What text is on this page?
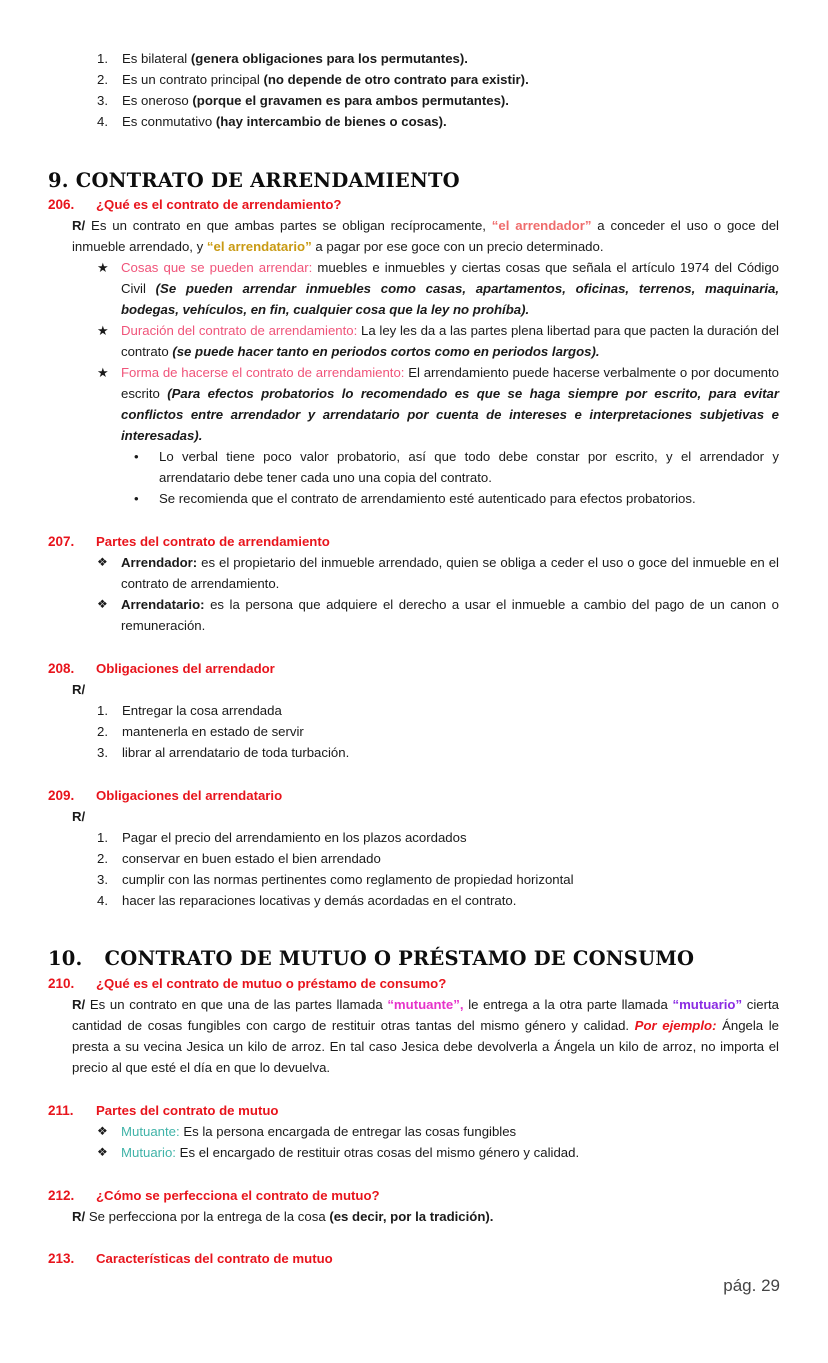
1.	Es bilateral (genera obligaciones para los permutantes).
2.	Es un contrato principal (no depende de otro contrato para existir).
3.	Es oneroso (porque el gravamen es para ambos permutantes).
4.	Es conmutativo (hay intercambio de bienes o cosas).
9. CONTRATO DE ARRENDAMIENTO
206. ¿Qué es el contrato de arrendamiento?
R/ Es un contrato en que ambas partes se obligan recíprocamente, “el arrendador” a conceder el uso o goce del inmueble arrendado, y “el arrendatario” a pagar por ese goce con un precio determinado.
★ Cosas que se pueden arrendar: muebles e inmuebles y ciertas cosas que señala el artículo 1974 del Código Civil (Se pueden arrendar inmuebles como casas, apartamentos, oficinas, terrenos, maquinaria, bodegas, vehículos, en fin, cualquier cosa que la ley no prohíba).
★ Duración del contrato de arrendamiento: La ley les da a las partes plena libertad para que pacten la duración del contrato (se puede hacer tanto en periodos cortos como en periodos largos).
★ Forma de hacerse el contrato de arrendamiento: El arrendamiento puede hacerse verbalmente o por documento escrito (Para efectos probatorios lo recomendado es que se haga siempre por escrito, para evitar conflictos entre arrendador y arrendatario por cuenta de intereses e interpretaciones subjetivas e interesadas).
• Lo verbal tiene poco valor probatorio, así que todo debe constar por escrito, y el arrendador y arrendatario debe tener cada uno una copia del contrato.
• Se recomienda que el contrato de arrendamiento esté autenticado para efectos probatorios.
207. Partes del contrato de arrendamiento
❖ Arrendador: es el propietario del inmueble arrendado, quien se obliga a ceder el uso o goce del inmueble en el contrato de arrendamiento.
❖ Arrendatario: es la persona que adquiere el derecho a usar el inmueble a cambio del pago de un canon o remuneración.
208. Obligaciones del arrendador
R/
1.	Entregar la cosa arrendada
2.	mantenerla en estado de servir
3.	librar al arrendatario de toda turbación.
209. Obligaciones del arrendatario
R/
1.	Pagar el precio del arrendamiento en los plazos acordados
2.	conservar en buen estado el bien arrendado
3.	cumplir con las normas pertinentes como reglamento de propiedad horizontal
4.	hacer las reparaciones locativas y demás acordadas en el contrato.
10. CONTRATO DE MUTUO O PRÉSTAMO DE CONSUMO
210. ¿Qué es el contrato de mutuo o préstamo de consumo?
R/ Es un contrato en que una de las partes llamada “mutuante”, le entrega a la otra parte llamada “mutuario” cierta cantidad de cosas fungibles con cargo de restituir otras tantas del mismo género y calidad. Por ejemplo: Ángela le presta a su vecina Jesica un kilo de arroz. En tal caso Jesica debe devolverla a Ángela un kilo de arroz, no importa el precio al que esté el día en que lo devuelva.
211. Partes del contrato de mutuo
❖ Mutuante: Es la persona encargada de entregar las cosas fungibles
❖ Mutuario: Es el encargado de restituir otras cosas del mismo género y calidad.
212. ¿Cómo se perfecciona el contrato de mutuo?
R/ Se perfecciona por la entrega de la cosa (es decir, por la tradición).
213. Características del contrato de mutuo
pág. 29
